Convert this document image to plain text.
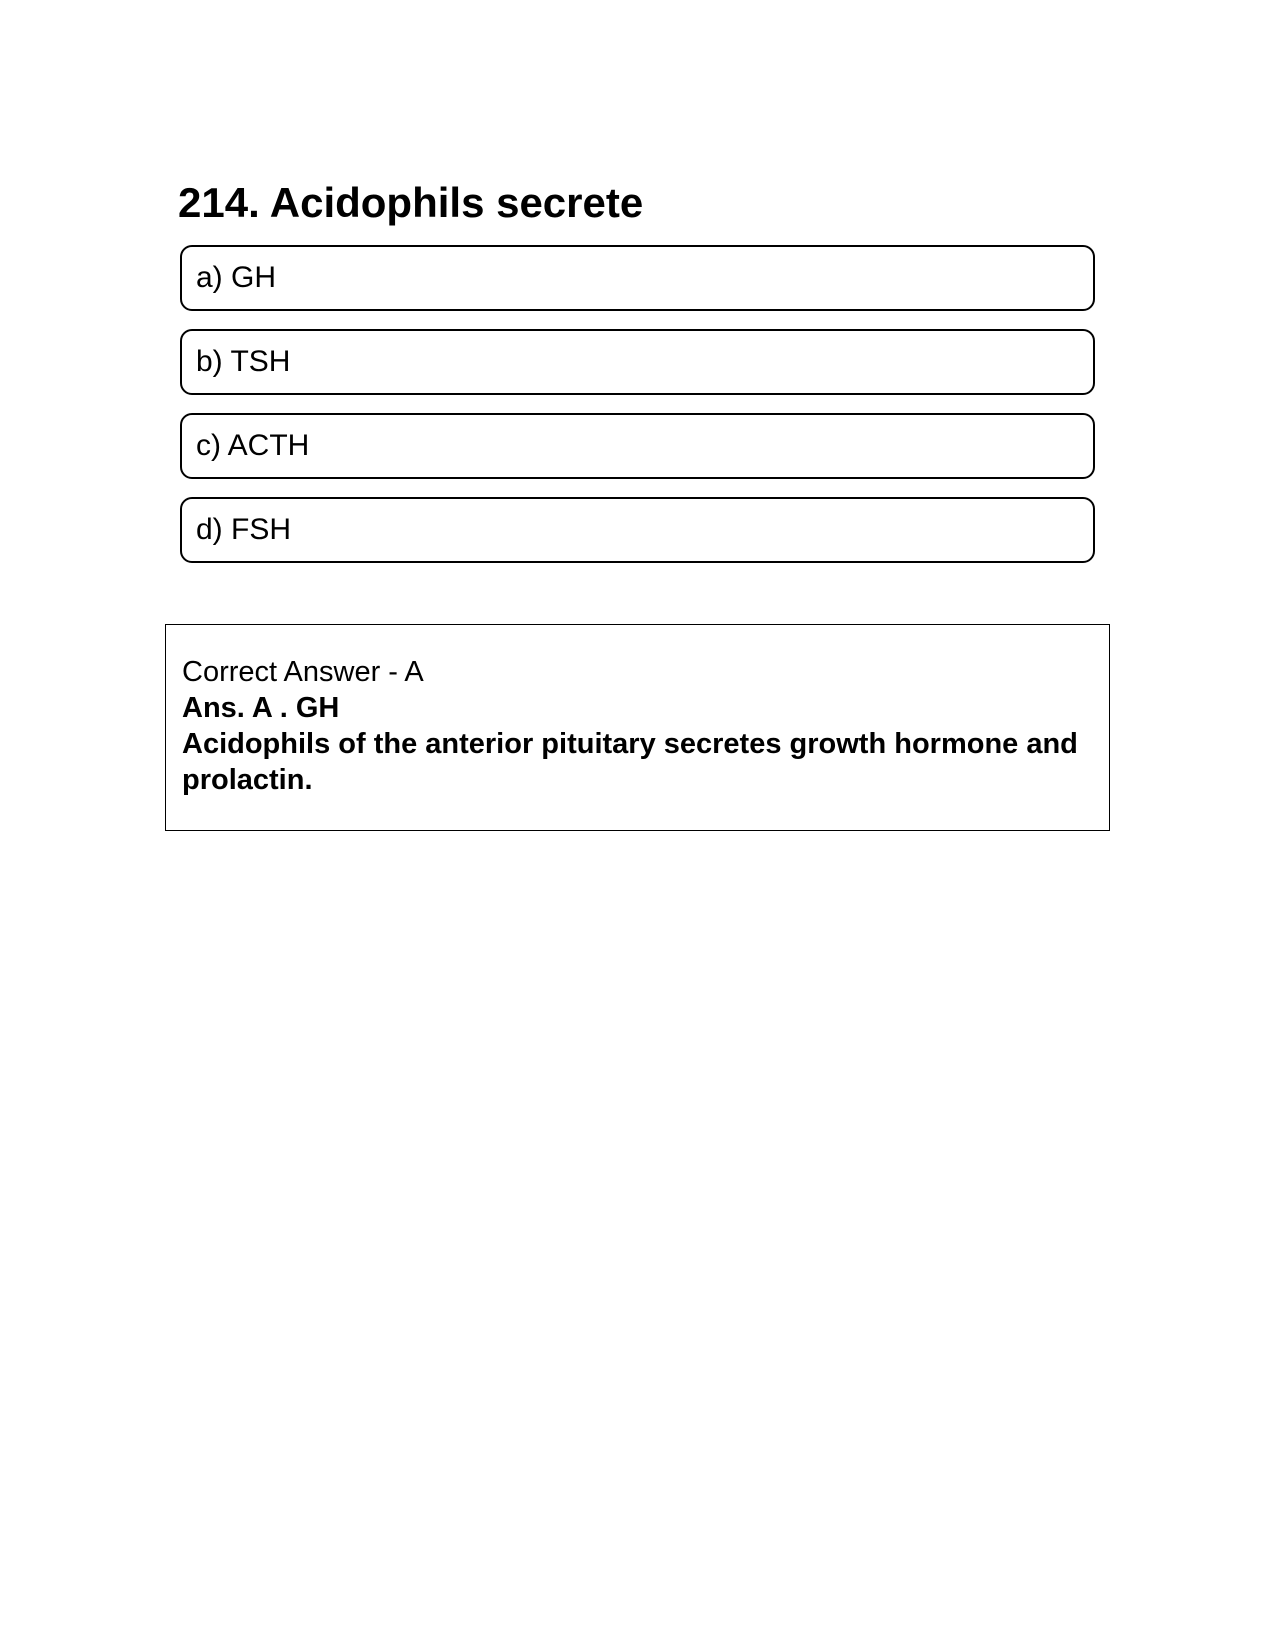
214. Acidophils secrete
a) GH
b) TSH
c) ACTH
d) FSH

Correct Answer - A

Ans. A . GH

Acidophils of the anterior pituitary secretes growth hormone and prolactin.
